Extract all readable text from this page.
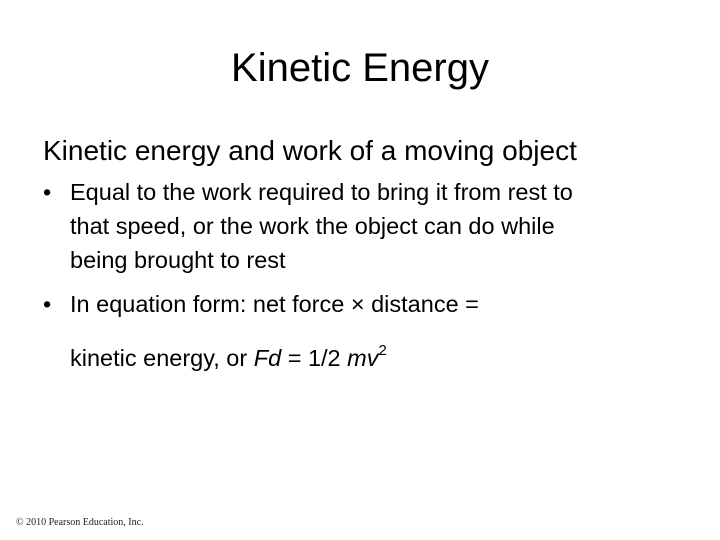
Kinetic Energy

Kinetic energy and work of a moving object

• Equal to the work required to bring it from rest to
that speed, or the work the object can do while
being brought to rest
• In equation form: net force × distance =
kinetic energy, or Fd = 1/2 $mv^2$
© 2010 Pearson Education, Inc.
